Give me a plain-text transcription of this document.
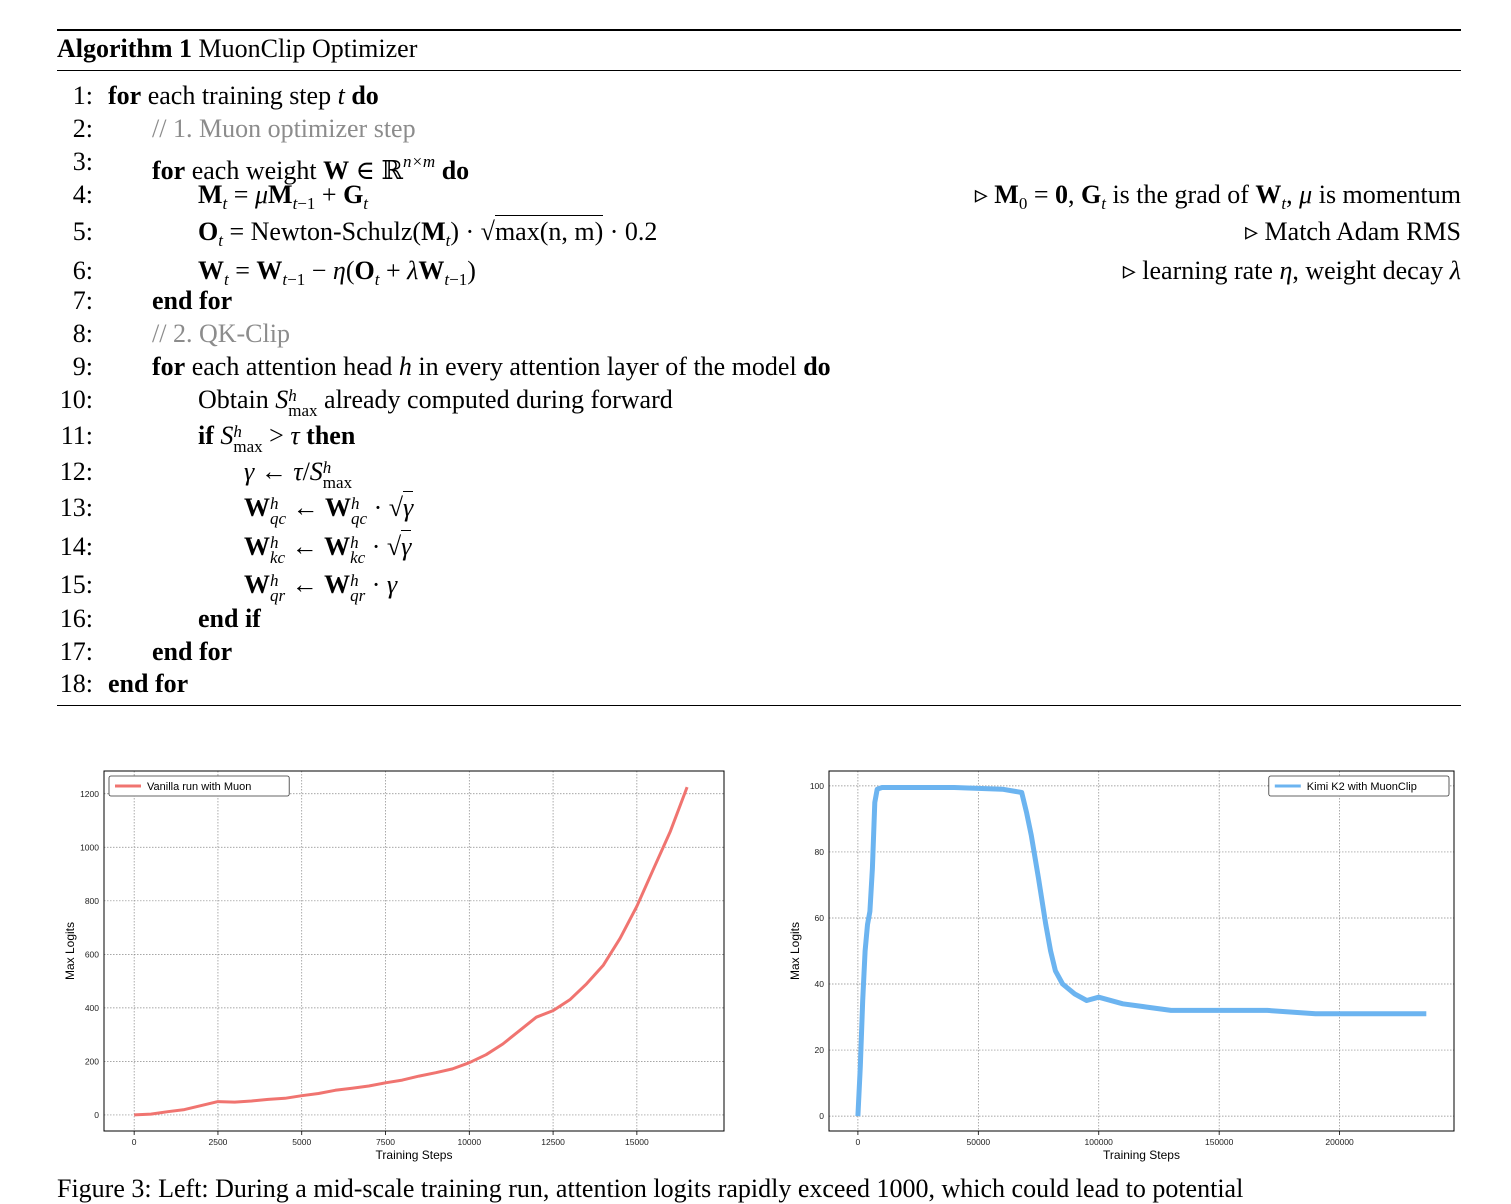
Algorithm 1 MuonClip Optimizer
1: for each training step t do
2: // 1. Muon optimizer step
3: for each weight W ∈ ℝ$^{n\times m}$ do
4:	$M_t = \mu M_{t-1} + G_t$	▹ $M_0 = 0$, $G_t$ is the grad of $W_t$, μ is momentum
5:	$O_t$ = Newton-$Schulz(M_t) \cdot √\max(n$, m) · 0.2	▹ Match Adam RMS
6:	$W_t = W_{t-1} - \eta(O_t + \lambda W_{t-1})$	▹ learning rate η, weight decay λ
7: end for
8: // 2. QK-Clip
9: for each attention head h in every attention layer of the model do
10:	Obtain S h
max already computed during forward
11:	if S h
max > τ then
12:	γ ← τ/S h
max
13:	W h
qc ← W h
qc · √γ
14:	W h
kc ← W h
kc · √γ
15:	W h
qr ← W h
qr · γ
16:	end if
17: end for
18: end for
0	2500	5000	7500	10000	12500	15000
0
200
400
600
800
1000
1200
Training Steps
Max Logits
Vanilla run with Muon
0	50000	100000	150000	200000
0
20
40
60
80
100
Training Steps
Max Logits
Kimi K2 with MuonClip
Figure 3: Left: During a mid-scale training run, attention logits rapidly exceed 1000, which could lead to potential
